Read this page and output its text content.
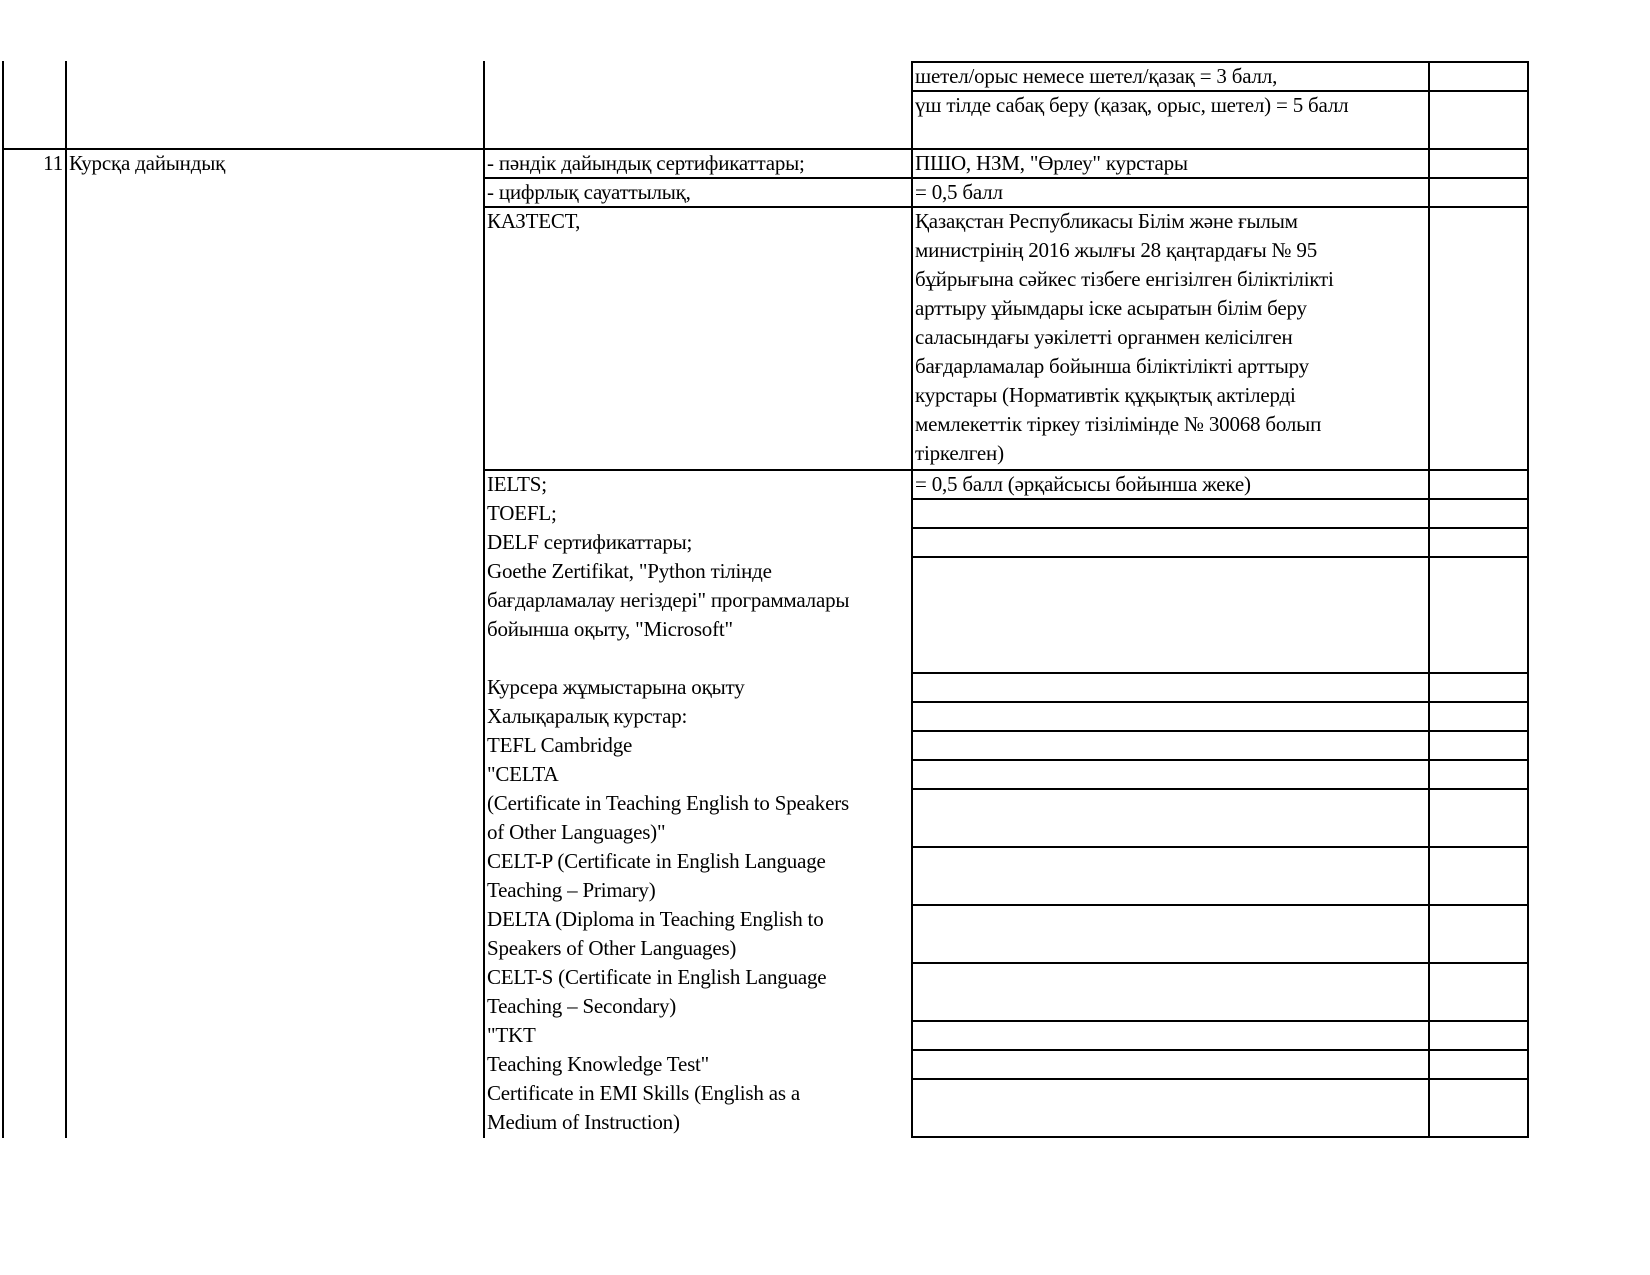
шетел/орыс немесе шетел/қазақ = 3 балл,
үш тілде сабақ беру (қазақ, орыс, шетел) = 5 балл
11 Курсқа дайындық	- пәндік дайындық сертификаттары;
- цифрлық сауаттылық,
КАЗТЕСТ,
ПШО, НЗМ, "Өрлеу" курстары
= 0,5 балл
Қазақстан Республикасы Білім және ғылым
министрінің 2016 жылғы 28 қаңтардағы № 95
бұйрығына сәйкес тізбеге енгізілген біліктілікті
арттыру ұйымдары іске асыратын білім беру
саласындағы уәкілетті органмен келісілген
бағдарламалар бойынша біліктілікті арттыру
курстары (Нормативтік құқықтық актілерді
мемлекеттік тіркеу тізілімінде № 30068 болып
тіркелген)
IELTS;
TOEFL;
DELF сертификаттары;
Goethe Zertifikat, "Python тілінде
бағдарламалау негіздері" программалары
бойынша оқыту, "Microsoft"
Курсера жұмыстарына оқыту
Халықаралық курстар:
TEFL Cambridge
"CELTA
(Certificate in Teaching English to Speakers
of Other Languages)"
CELT-P (Certificate in English Language
Teaching – Primary)
DELTA (Diploma in Teaching English to
Speakers of Other Languages)
CELT-S (Certificate in English Language
Teaching – Secondary)
"TKT
Teaching Knowledge Test"
Certificate in EMI Skills (English as a
Medium of Instruction)
= 0,5 балл (әрқайсысы бойынша жеке)
